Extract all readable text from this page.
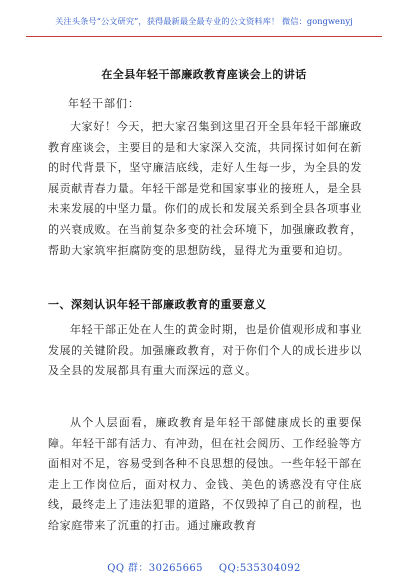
关注头条号“公文研究”，获得最新最全最专业的公文资料库！ 微信：gongwenyj
在全县年轻干部廉政教育座谈会上的讲话
年轻干部们：

大家好！今天，把大家召集到这里召开全县年轻干部廉政教育座谈会，主要目的是和大家深入交流，共同探讨如何在新的时代背景下，坚守廉洁底线，走好人生每一步，为全县的发展贡献青春力量。年轻干部是党和国家事业的接班人，是全县未来发展的中坚力量。你们的成长和发展关系到全县各项事业的兴衰成败。在当前复杂多变的社会环境下，加强廉政教育，帮助大家筑牢拒腐防变的思想防线，显得尤为重要和迫切。

一、深刻认识年轻干部廉政教育的重要意义

年轻干部正处在人生的黄金时期，也是价值观形成和事业发展的关键阶段。加强廉政教育，对于你们个人的成长进步以及全县的发展都具有重大而深远的意义。

从个人层面看，廉政教育是年轻干部健康成长的重要保障。年轻干部有活力、有冲劲，但在社会阅历、工作经验等方面相对不足，容易受到各种不良思想的侵蚀。一些年轻干部在走上工作岗位后，面对权力、金钱、美色的诱惑没有守住底线，最终走上了违法犯罪的道路，不仅毁掉了自己的前程，也给家庭带来了沉重的打击。通过廉政教育

QQ 群：30265665 QQ:535304092
